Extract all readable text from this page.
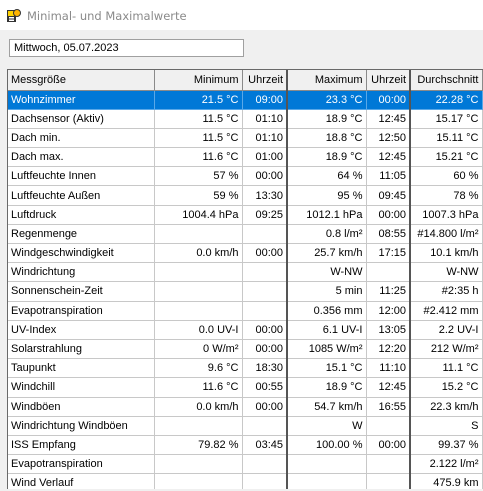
Minimal- und Maximalwerte
Mittwoch, 05.07.2023
Messgröße	Minimum	Uhrzeit	Maximum	Uhrzeit	Durchschnitt
Wohnzimmer	21.5 °C	09:00	23.3 °C	00:00	22.28 °C
Dachsensor (Aktiv)	11.5 °C	01:10	18.9 °C	12:45	15.17 °C
Dach min.	11.5 °C	01:10	18.8 °C	12:50	15.11 °C
Dach max.	11.6 °C	01:00	18.9 °C	12:45	15.21 °C
Luftfeuchte Innen	57 %	00:00	64 %	11:05	60 %
Luftfeuchte Außen	59 %	13:30	95 %	09:45	78 %
Luftdruck	1004.4 hPa	09:25	1012.1 hPa	00:00	1007.3 hPa
Regenmenge			0.8 l/m²	08:55	#14.800 l/m²
Windgeschwindigkeit	0.0 km/h	00:00	25.7 km/h	17:15	10.1 km/h
Windrichtung			W-NW		W-NW
Sonnenschein-Zeit			5 min	11:25	#2:35 h
Evapotranspiration			0.356 mm	12:00	#2.412 mm
UV-Index	0.0 UV-I	00:00	6.1 UV-I	13:05	2.2 UV-I
Solarstrahlung	0 W/m²	00:00	1085 W/m²	12:20	212 W/m²
Taupunkt	9.6 °C	18:30	15.1 °C	11:10	11.1 °C
Windchill	11.6 °C	00:55	18.9 °C	12:45	15.2 °C
Windböen	0.0 km/h	00:00	54.7 km/h	16:55	22.3 km/h
Windrichtung Windböen			W		S
ISS Empfang	79.82 %	03:45	100.00 %	00:00	99.37 %
Evapotranspiration					2.122 l/m²
Wind Verlauf					475.9 km
